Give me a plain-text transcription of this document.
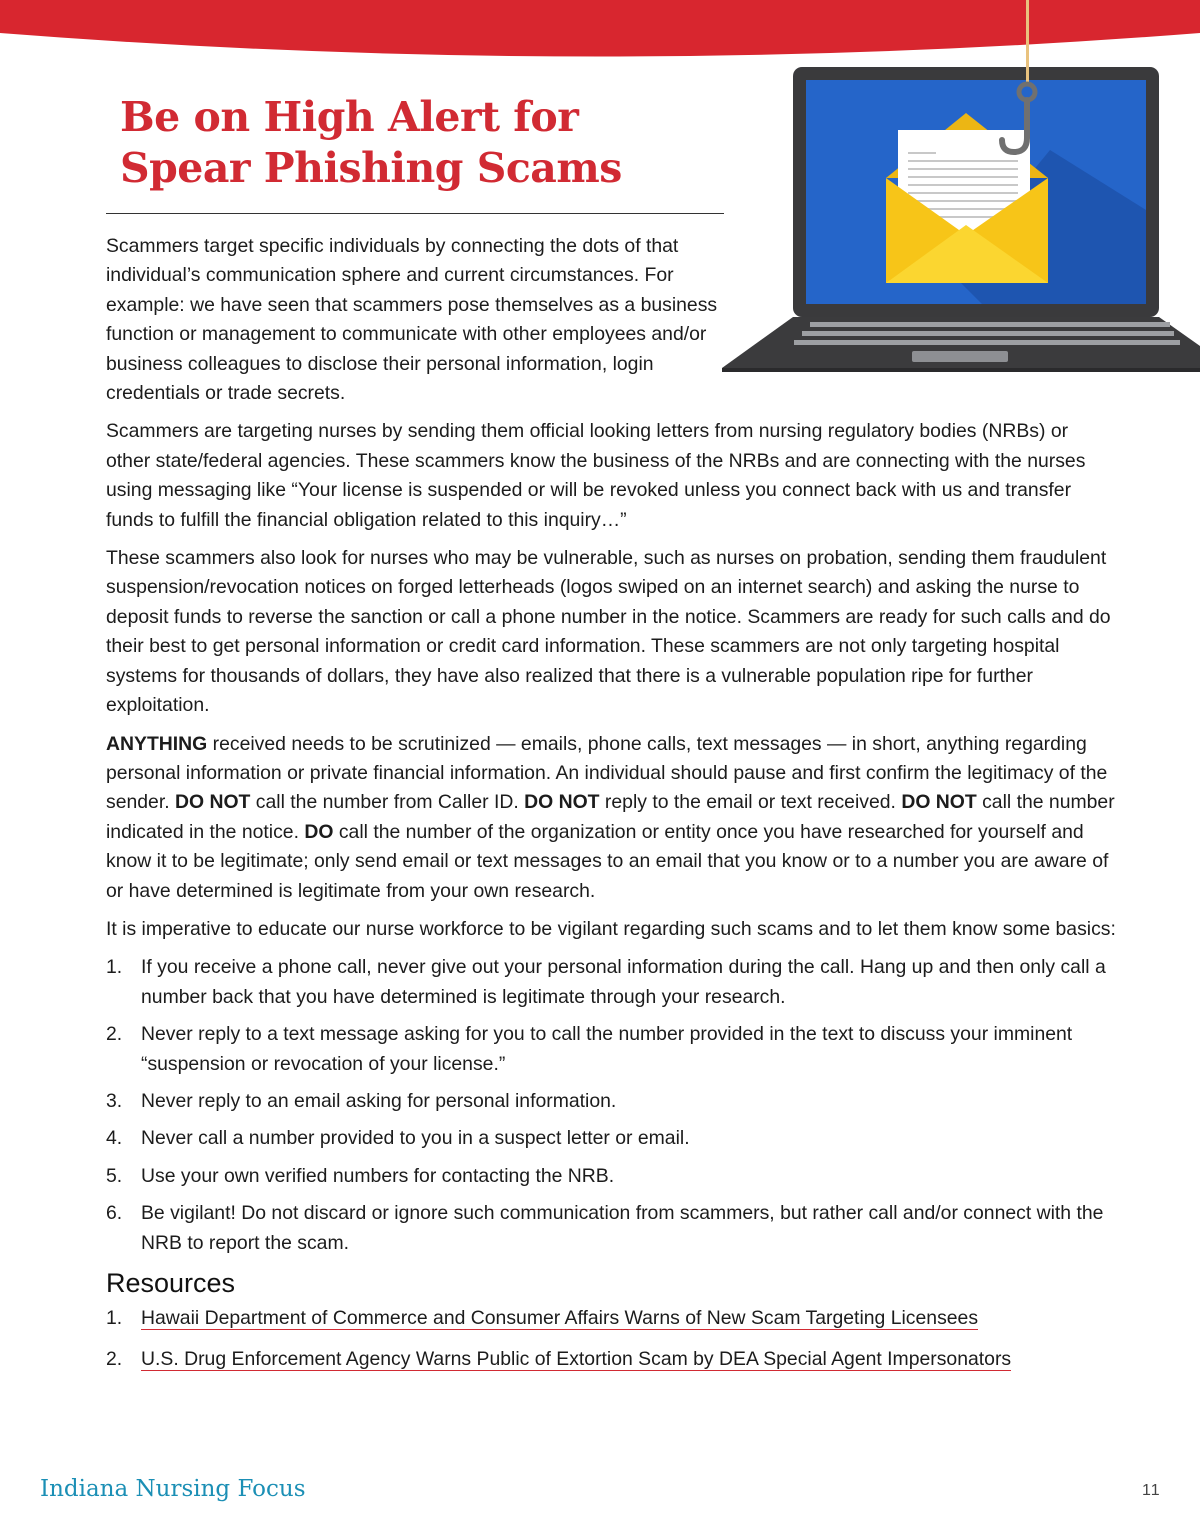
Be on High Alert for
Spear Phishing Scams

Scammers target specific individuals by connecting the dots of that individual’s communication sphere and current circumstances. For example: we have seen that scammers pose themselves as a business function or management to communicate with other employees and/or business colleagues to disclose their personal information, login credentials or trade secrets.

Scammers are targeting nurses by sending them official looking letters from nursing regulatory bodies (NRBs) or other state/federal agencies. These scammers know the business of the NRBs and are connecting with the nurses using messaging like “Your license is suspended or will be revoked unless you connect back with us and transfer funds to fulfill the financial obligation related to this inquiry…”

These scammers also look for nurses who may be vulnerable, such as nurses on probation, sending them fraudulent suspension/revocation notices on forged letterheads (logos swiped on an internet search) and asking the nurse to deposit funds to reverse the sanction or call a phone number in the notice. Scammers are ready for such calls and do their best to get personal information or credit card information. These scammers are not only targeting hospital systems for thousands of dollars, they have also realized that there is a vulnerable population ripe for further exploitation.

ANYTHING received needs to be scrutinized — emails, phone calls, text messages — in short, anything regarding personal information or private financial information. An individual should pause and first confirm the legitimacy of the sender. DO NOT call the number from Caller ID. DO NOT reply to the email or text received. DO NOT call the number indicated in the notice. DO call the number of the organization or entity once you have researched for yourself and know it to be legitimate; only send email or text messages to an email that you know or to a number you are aware of or have determined is legitimate from your own research.

It is imperative to educate our nurse workforce to be vigilant regarding such scams and to let them know some basics:

1. If you receive a phone call, never give out your personal information during the call. Hang up and then only call a number back that you have determined is legitimate through your research.
2. Never reply to a text message asking for you to call the number provided in the text to discuss your imminent “suspension or revocation of your license.”
3. Never reply to an email asking for personal information.
4. Never call a number provided to you in a suspect letter or email.
5. Use your own verified numbers for contacting the NRB.
6. Be vigilant! Do not discard or ignore such communication from scammers, but rather call and/or connect with the NRB to report the scam.
Resources
1. Hawaii Department of Commerce and Consumer Affairs Warns of New Scam Targeting Licensees
2. U.S. Drug Enforcement Agency Warns Public of Extortion Scam by DEA Special Agent Impersonators
Indiana Nursing Focus	11
